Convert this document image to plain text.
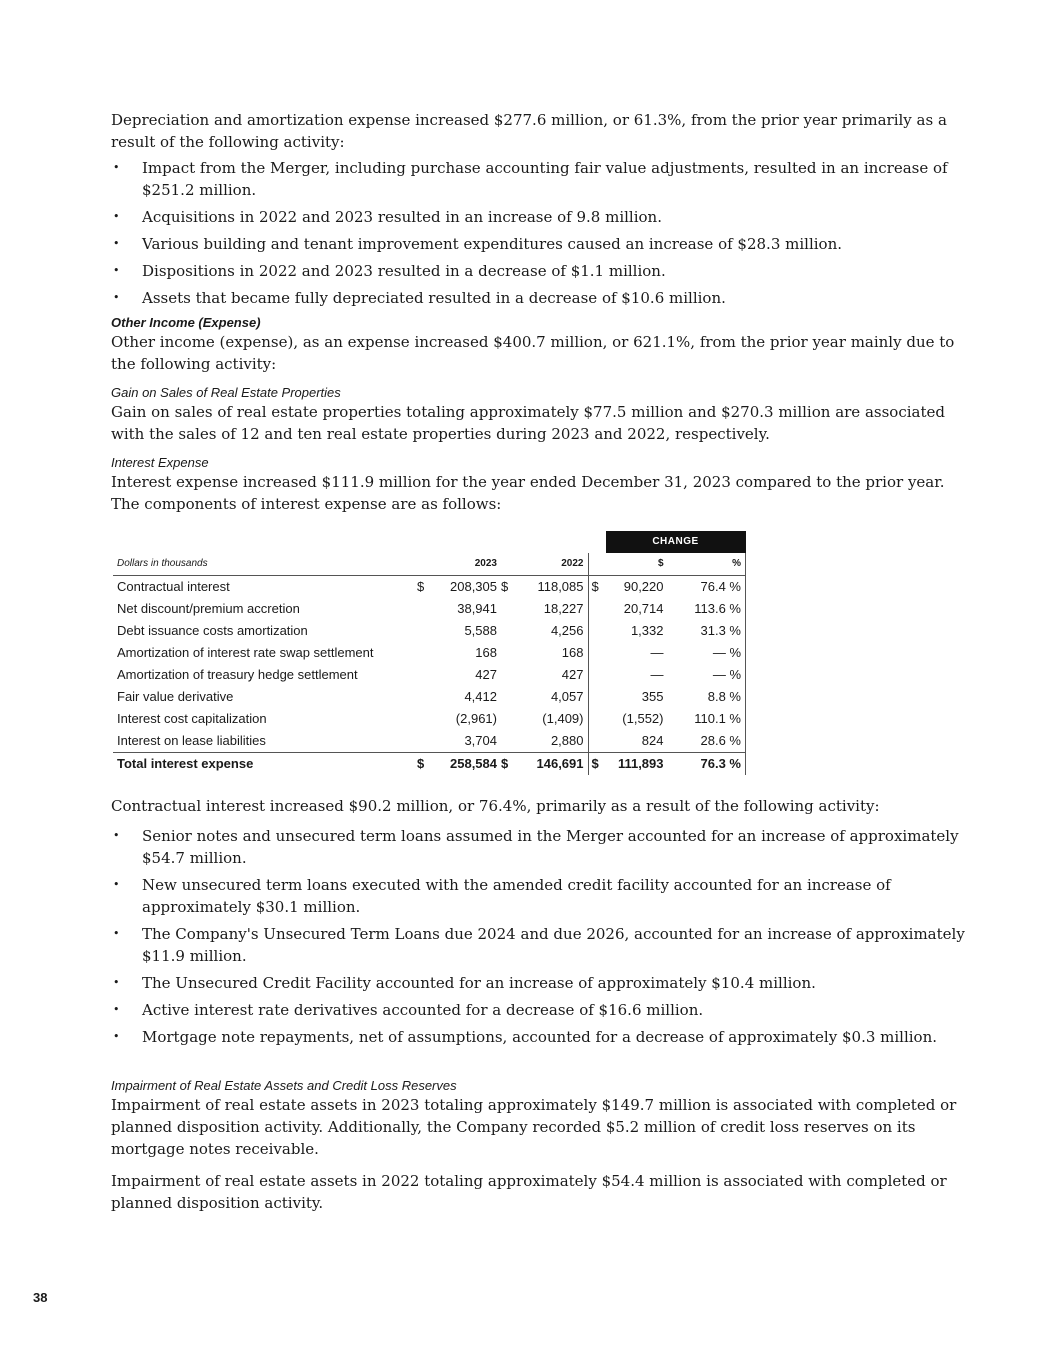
Depreciation and amortization expense increased $277.6 million, or 61.3%, from the prior year primarily as a result of the following activity:

• Impact from the Merger, including purchase accounting fair value adjustments, resulted in an increase of $251.2 million.
• Acquisitions in 2022 and 2023 resulted in an increase of 9.8 million.
• Various building and tenant improvement expenditures caused an increase of $28.3 million.
• Dispositions in 2022 and 2023 resulted in a decrease of $1.1 million.
• Assets that became fully depreciated resulted in a decrease of $10.6 million.
Other Income (Expense)

Other income (expense), as an expense increased $400.7 million, or 621.1%, from the prior year mainly due to the following activity:

Gain on Sales of Real Estate Properties

Gain on sales of real estate properties totaling approximately $77.5 million and $270.3 million are associated with the sales of 12 and ten real estate properties during 2023 and 2022, respectively.

Interest Expense

Interest expense increased $111.9 million for the year ended December 31, 2023 compared to the prior year. The components of interest expense are as follows:

						CHANGE	
Dollars in thousands		2023		2022		$	%
Contractual interest	$	208,305	$	118,085	$	90,220	76.4 %
Net discount/premium accretion		38,941		18,227		20,714	113.6 %
Debt issuance costs amortization		5,588		4,256		1,332	31.3 %
Amortization of interest rate swap settlement		168		168		—	— %
Amortization of treasury hedge settlement		427		427		—	— %
Fair value derivative		4,412		4,057		355	8.8 %
Interest cost capitalization		(2,961)		(1,409)		(1,552)	110.1 %
Interest on lease liabilities		3,704		2,880		824	28.6 %
Total interest expense	$	258,584	$	146,691	$	111,893	76.3 %

Contractual interest increased $90.2 million, or 76.4%, primarily as a result of the following activity:

• Senior notes and unsecured term loans assumed in the Merger accounted for an increase of approximately $54.7 million.
• New unsecured term loans executed with the amended credit facility accounted for an increase of approximately $30.1 million.
• The Company's Unsecured Term Loans due 2024 and due 2026, accounted for an increase of approximately $11.9 million.
• The Unsecured Credit Facility accounted for an increase of approximately $10.4 million.
• Active interest rate derivatives accounted for a decrease of $16.6 million.
• Mortgage note repayments, net of assumptions, accounted for a decrease of approximately $0.3 million.
Impairment of Real Estate Assets and Credit Loss Reserves

Impairment of real estate assets in 2023 totaling approximately $149.7 million is associated with completed or planned disposition activity. Additionally, the Company recorded $5.2 million of credit loss reserves on its mortgage notes receivable.

Impairment of real estate assets in 2022 totaling approximately $54.4 million is associated with completed or planned disposition activity.

38
